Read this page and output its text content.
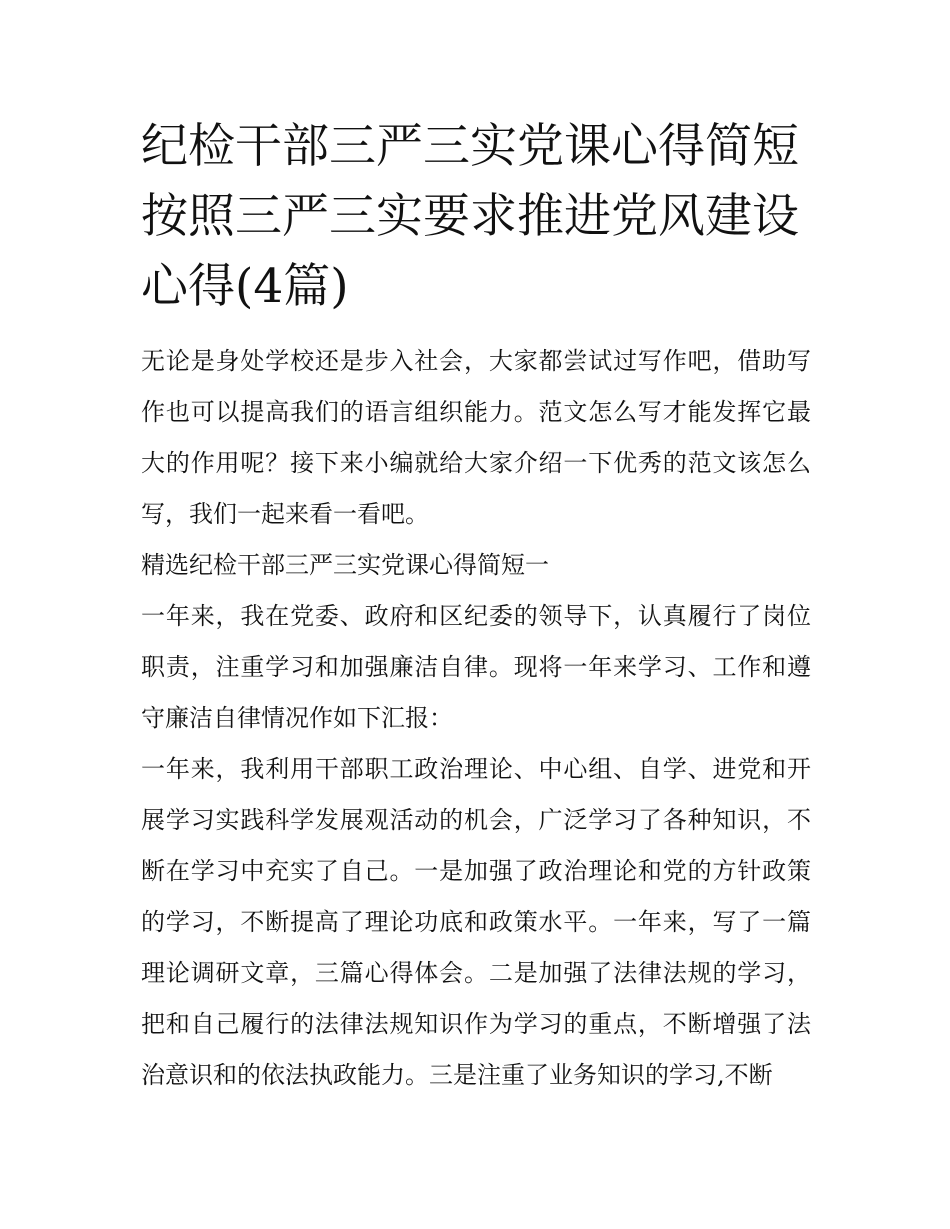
纪检干部三严三实党课心得简短 按照三严三实要求推进党风建设心得(4篇)

无论是身处学校还是步入社会，大家都尝试过写作吧，借助写作也可以提高我们的语言组织能力。范文怎么写才能发挥它最大的作用呢？接下来小编就给大家介绍一下优秀的范文该怎么写，我们一起来看一看吧。

精选纪检干部三严三实党课心得简短一

一年来，我在党委、政府和区纪委的领导下，认真履行了岗位职责，注重学习和加强廉洁自律。现将一年来学习、工作和遵守廉洁自律情况作如下汇报：

一年来，我利用干部职工政治理论、中心组、自学、进党和开展学习实践科学发展观活动的机会，广泛学习了各种知识，不断在学习中充实了自己。一是加强了政治理论和党的方针政策的学习，不断提高了理论功底和政策水平。一年来，写了一篇理论调研文章，三篇心得体会。二是加强了法律法规的学习，把和自己履行的法律法规知识作为学习的重点，不断增强了法治意识和的依法执政能力。三是注重了业务知识的学习,不断
